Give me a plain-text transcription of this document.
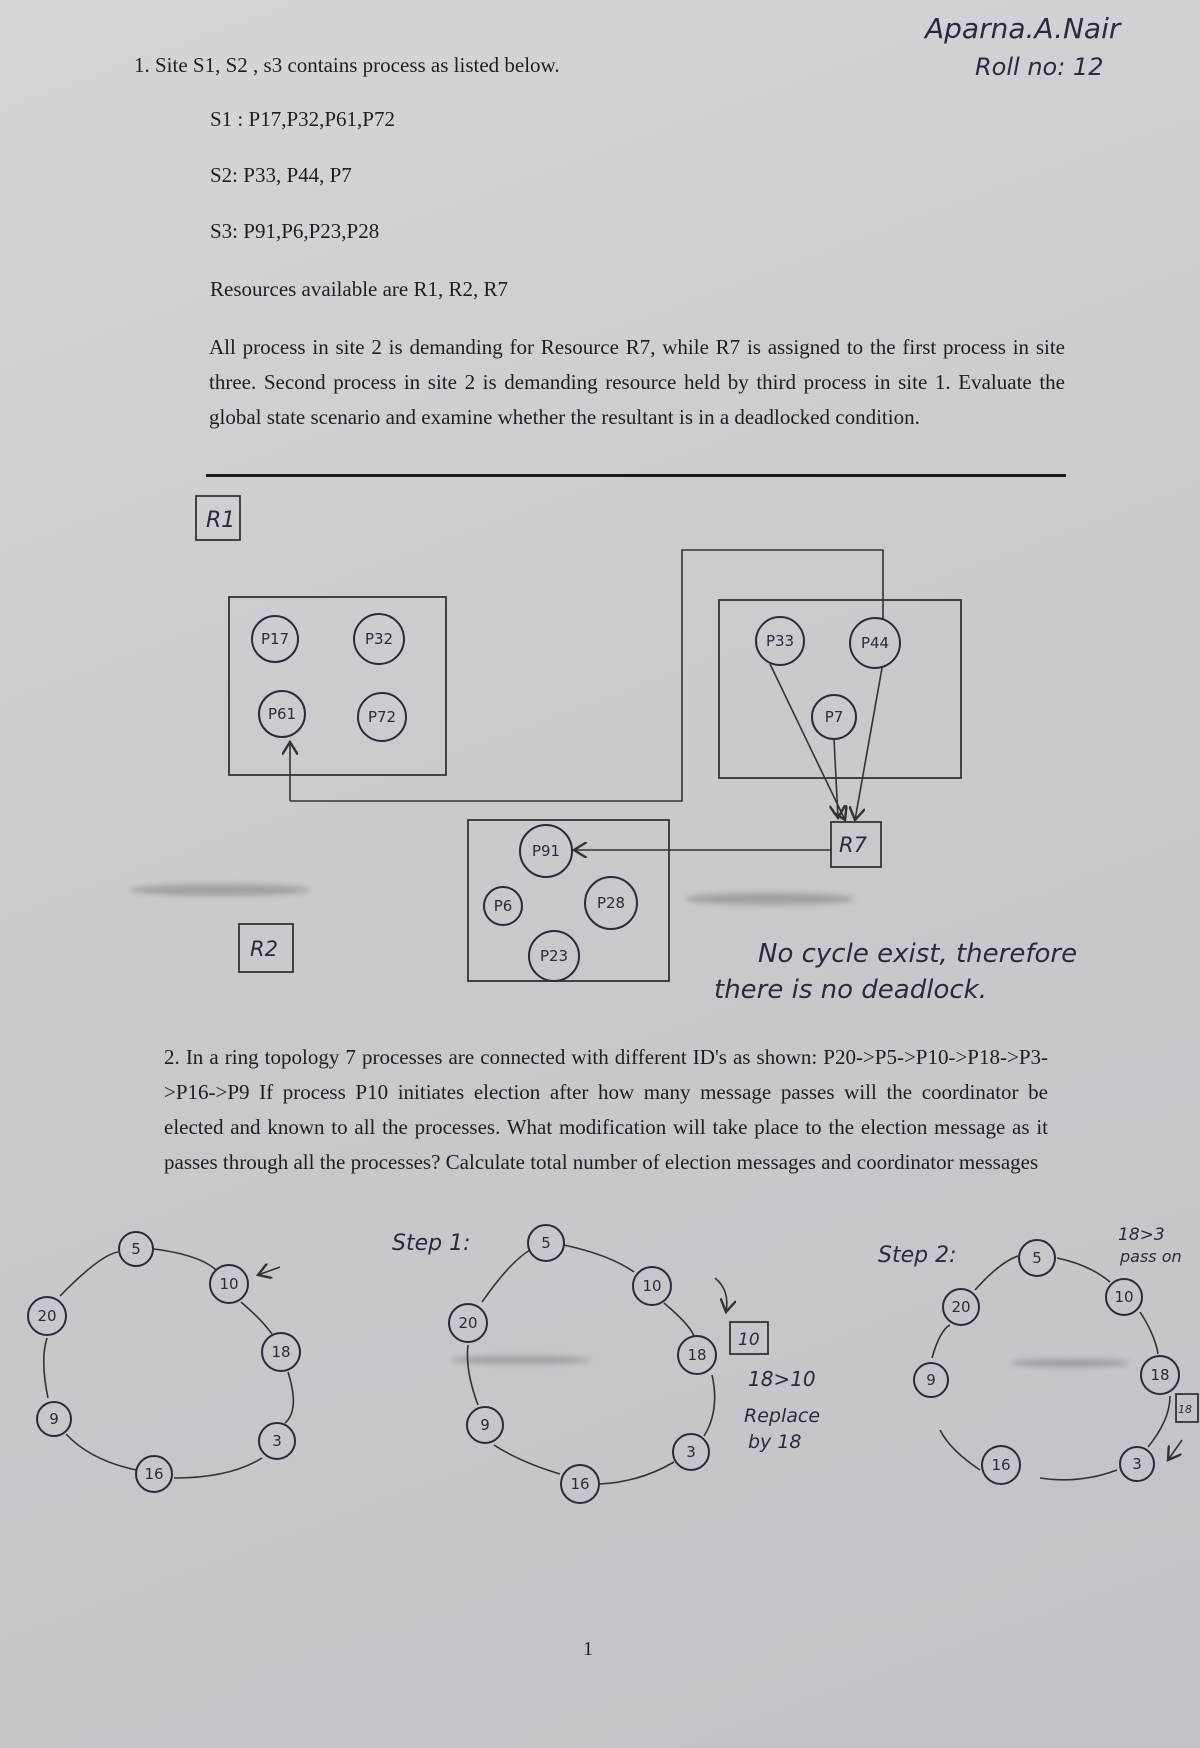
1. Site S1, S2 , s3 contains process as listed below.
S1 : P17,P32,P61,P72
S2: P33, P44, P7
S3: P91,P6,P23,P28
Resources available are R1, R2, R7
All process in site 2 is demanding for Resource R7, while R7 is assigned to the first process in site three. Second process in site 2 is demanding resource held by third process in site 1. Evaluate the global state scenario and examine whether the resultant is in a deadlocked condition.
2. In a ring topology 7 processes are connected with different ID's as shown: P20->P5->P10->P18->P3->P16->P9 If process P10 initiates election after how many message passes will the coordinator be elected and known to all the processes. What modification will take place to the election message as it passes through all the processes? Calculate total number of election messages and coordinator messages
1
Aparna.A.Nair
Roll no: 12
R1
P17	P32
P61	P72
P33	P44
P7
R7
P91
P6	P28
P23
R2	No cycle exist, therefore
there is no deadlock.
5
10
18
3
16
9
20
Step 1:	5
10
18
3
16
9
20
10
18>10
Replace
by 18
Step 2:
18>3
pass on
5
10
18
3
16
9
20
18
